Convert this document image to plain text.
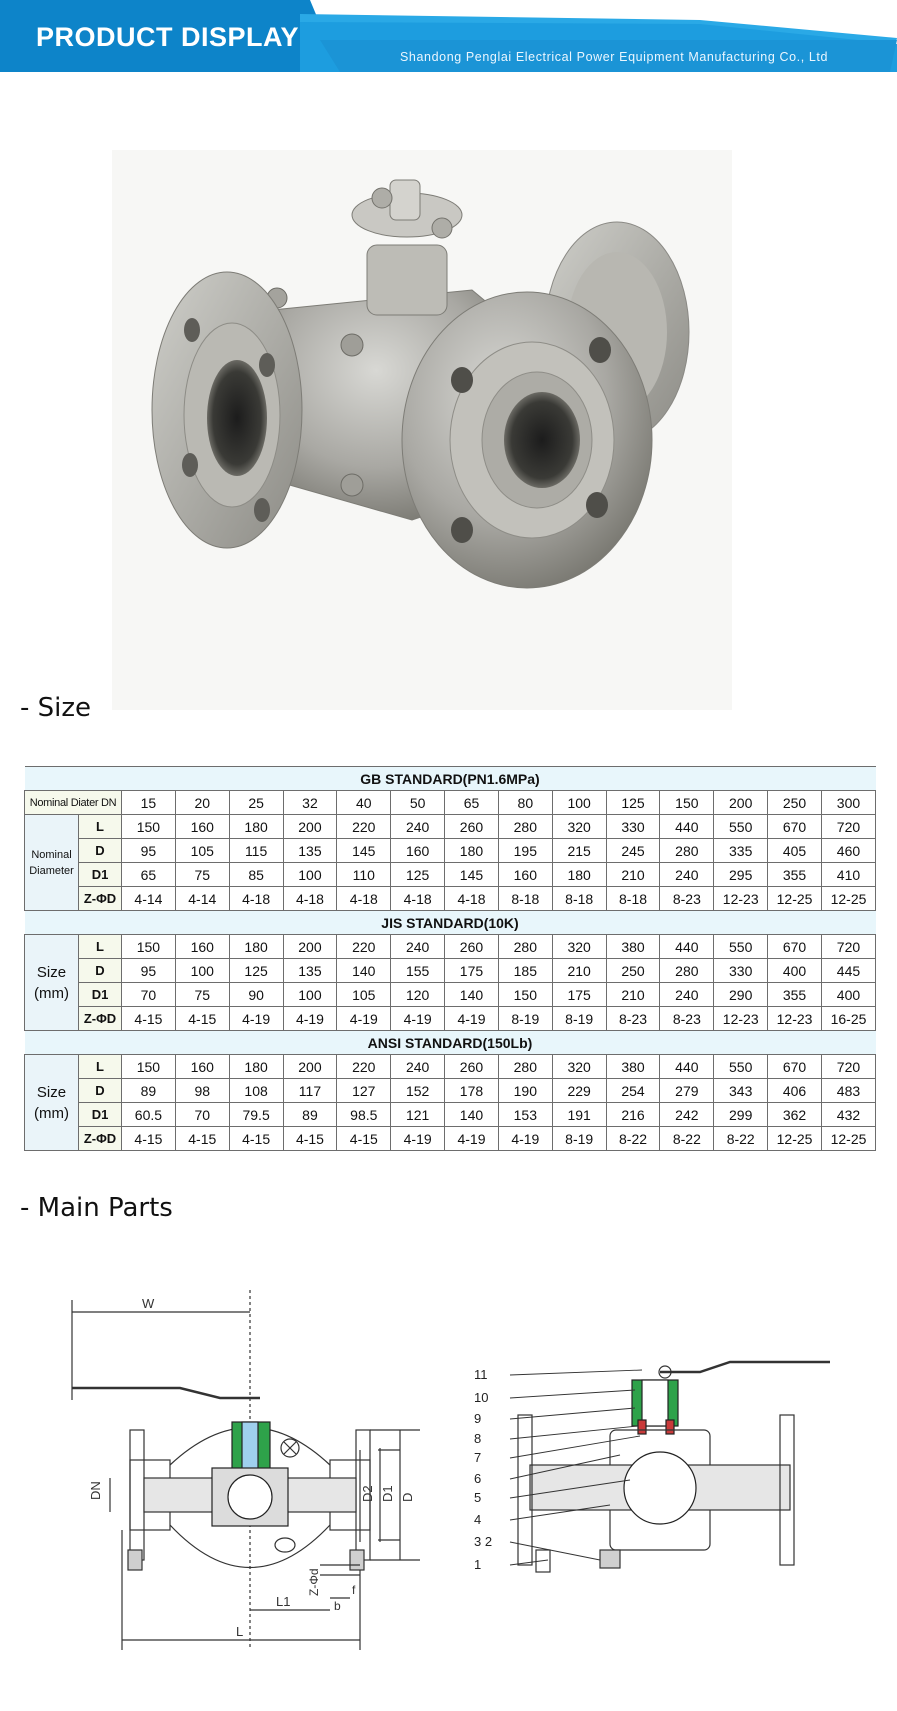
PRODUCT DISPLAY
Shandong Penglai Electrical Power Equipment Manufacturing Co., Ltd
- Size
GB STANDARD(PN1.6MPa)															
Nominal Diater DN		15	20	25	32	40	50	65	80	100	125	150	200	250	300
Nominal
Diameter	L	150	160	180	200	220	240	260	280	320	330	440	550	670	720
	D	95	105	115	135	145	160	180	195	215	245	280	335	405	460
	D1	65	75	85	100	110	125	145	160	180	210	240	295	355	410
	Z-ΦD	4-14	4-14	4-18	4-18	4-18	4-18	4-18	8-18	8-18	8-18	8-23	12-23	12-25	12-25
JIS STANDARD(10K)															
Size
(mm)	L	150	160	180	200	220	240	260	280	320	380	440	550	670	720
	D	95	100	125	135	140	155	175	185	210	250	280	330	400	445
	D1	70	75	90	100	105	120	140	150	175	210	240	290	355	400
	Z-ΦD	4-15	4-15	4-19	4-19	4-19	4-19	4-19	8-19	8-19	8-23	8-23	12-23	12-23	16-25
ANSI STANDARD(150Lb)															
Size
(mm)	L	150	160	180	200	220	240	260	280	320	380	440	550	670	720
	D	89	98	108	117	127	152	178	190	229	254	279	343	406	483
	D1	60.5	70	79.5	89	98.5	121	140	153	191	216	242	299	362	432
	Z-ΦD	4-15	4-15	4-15	4-15	4-15	4-19	4-19	4-19	8-19	8-22	8-22	8-22	12-25	12-25
- Main Parts
W
DN	D2 D1 D
Z-Φd	f
b
L1
L
11
10
9
8
7
6
5
4
3 2
1
